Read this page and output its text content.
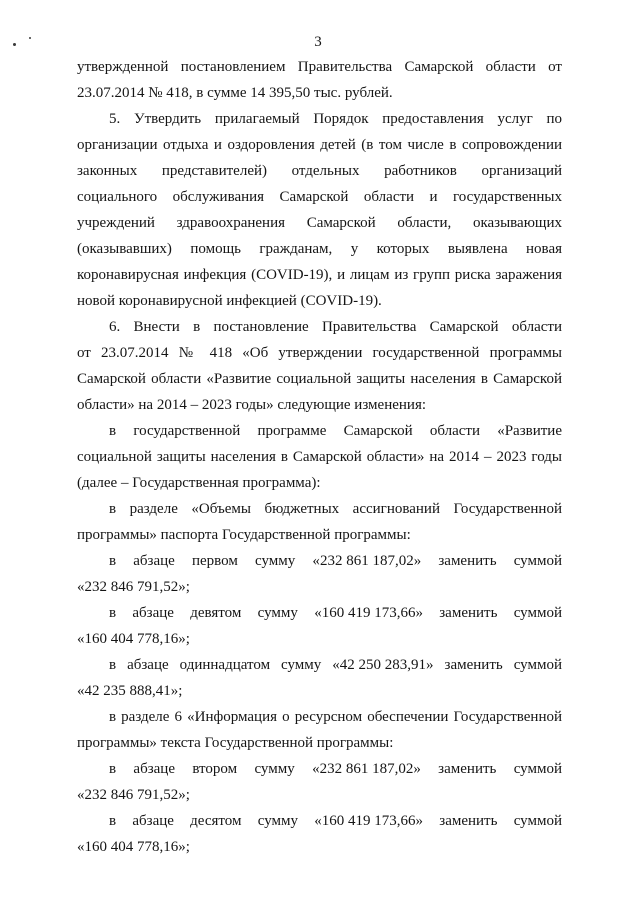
3
утвержденной постановлением Правительства Самарской области от
23.07.2014 № 418, в сумме 14 395,50 тыс. рублей.
5. Утвердить прилагаемый Порядок предоставления услуг по
организации отдыха и оздоровления детей (в том числе в сопровождении
законных представителей) отдельных работников организаций
социального обслуживания Самарской области и государственных
учреждений здравоохранения Самарской области, оказывающих
(оказывавших) помощь гражданам, у которых выявлена новая
коронавирусная инфекция (COVID-19), и лицам из групп риска заражения
новой коронавирусной инфекцией (COVID-19).
6. Внести в постановление Правительства Самарской области
от 23.07.2014 № 418 «Об утверждении государственной программы
Самарской области «Развитие социальной защиты населения в Самарской
области» на 2014 – 2023 годы» следующие изменения:
в государственной программе Самарской области «Развитие
социальной защиты населения в Самарской области» на 2014 – 2023 годы
(далее – Государственная программа):
в разделе «Объемы бюджетных ассигнований Государственной
программы» паспорта Государственной программы:
в абзаце первом сумму «232 861 187,02» заменить суммой
«232 846 791,52»;
в абзаце девятом сумму «160 419 173,66» заменить суммой
«160 404 778,16»;
в абзаце одиннадцатом сумму «42 250 283,91» заменить суммой
«42 235 888,41»;
в разделе 6 «Информация о ресурсном обеспечении Государственной
программы» текста Государственной программы:
в абзаце втором сумму «232 861 187,02» заменить суммой
«232 846 791,52»;
в абзаце десятом сумму «160 419 173,66» заменить суммой
«160 404 778,16»;
